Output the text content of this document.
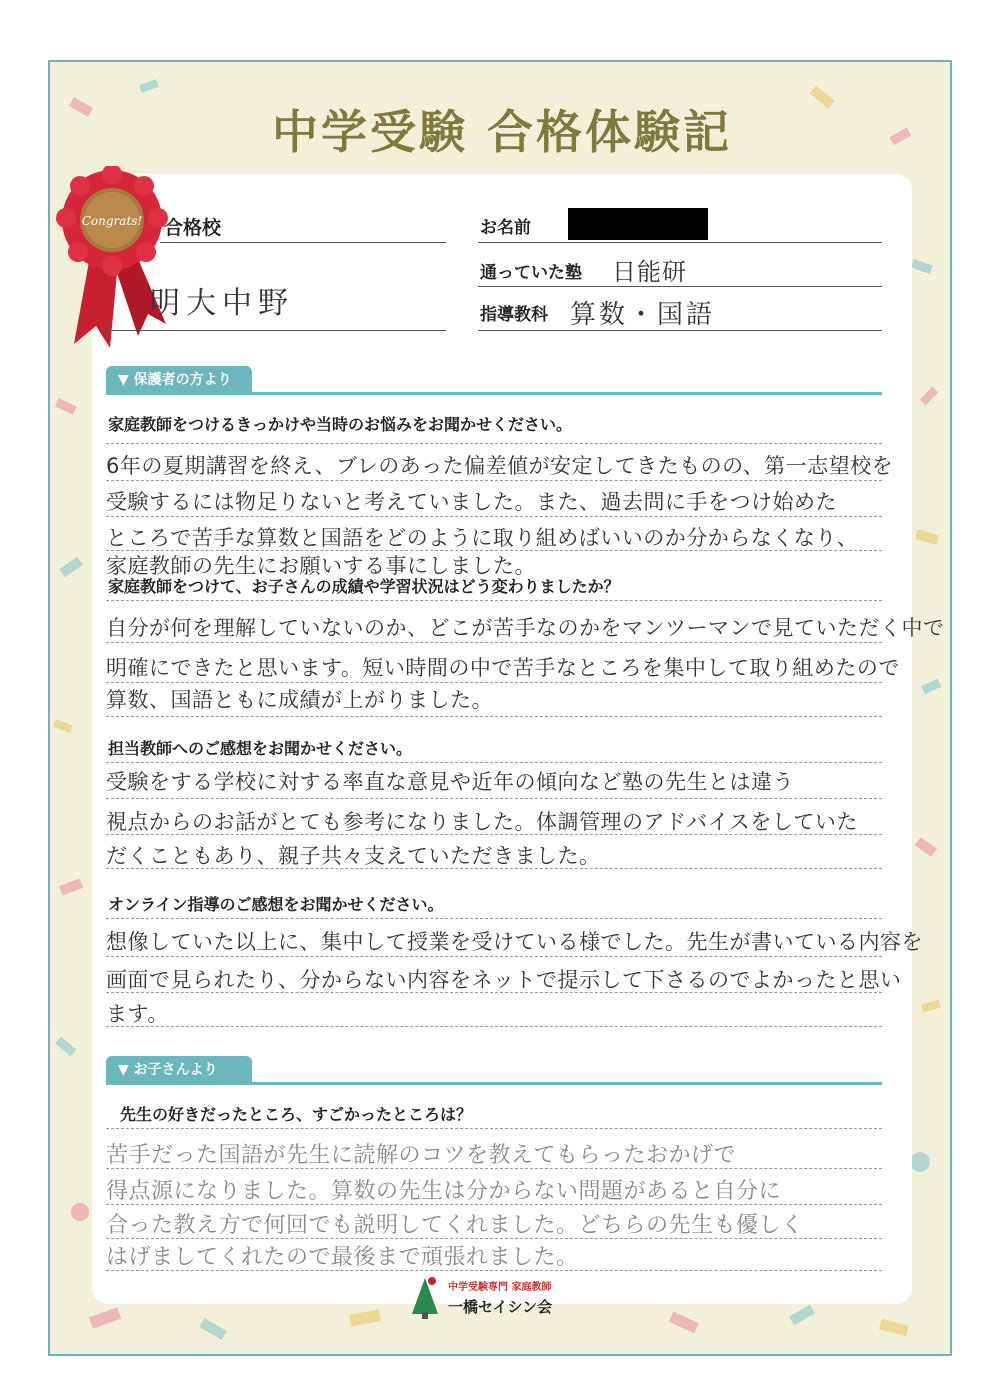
中学受験 合格体験記
Congrats! 合格校
明大中野
お名前
通っていた塾 日能研
指導教科 算数・国語
▼ 保護者の方より
家庭教師をつけるきっかけや当時のお悩みをお聞かせください。
6年の夏期講習を終え、ブレのあった偏差値が安定してきたものの、第一志望校を
受験するには物足りないと考えていました。また、過去問に手をつけ始めた
ところで苦手な算数と国語をどのように取り組めばいいのか分からなくなり、
家庭教師の先生にお願いする事にしました。
家庭教師をつけて、お子さんの成績や学習状況はどう変わりましたか？
自分が何を理解していないのか、どこが苦手なのかをマンツーマンで見ていただく中で
明確にできたと思います。短い時間の中で苦手なところを集中して取り組めたので
算数、国語ともに成績が上がりました。
担当教師へのご感想をお聞かせください。
受験をする学校に対する率直な意見や近年の傾向など塾の先生とは違う
視点からのお話がとても参考になりました。体調管理のアドバイスをしていた
だくこともあり、親子共々支えていただきました。
オンライン指導のご感想をお聞かせください。
想像していた以上に、集中して授業を受けている様でした。先生が書いている内容を
画面で見られたり、分からない内容をネットで提示して下さるのでよかったと思い
ます。
▼ お子さんより
先生の好きだったところ、すごかったところは？
苦手だった国語が先生に読解のコツを教えてもらったおかげで
得点源になりました。算数の先生は分からない問題があると自分に
合った教え方で何回でも説明してくれました。どちらの先生も優しく
はげましてくれたので最後まで頑張れました。
中学受験専門 家庭教師
一橋セイシン会
